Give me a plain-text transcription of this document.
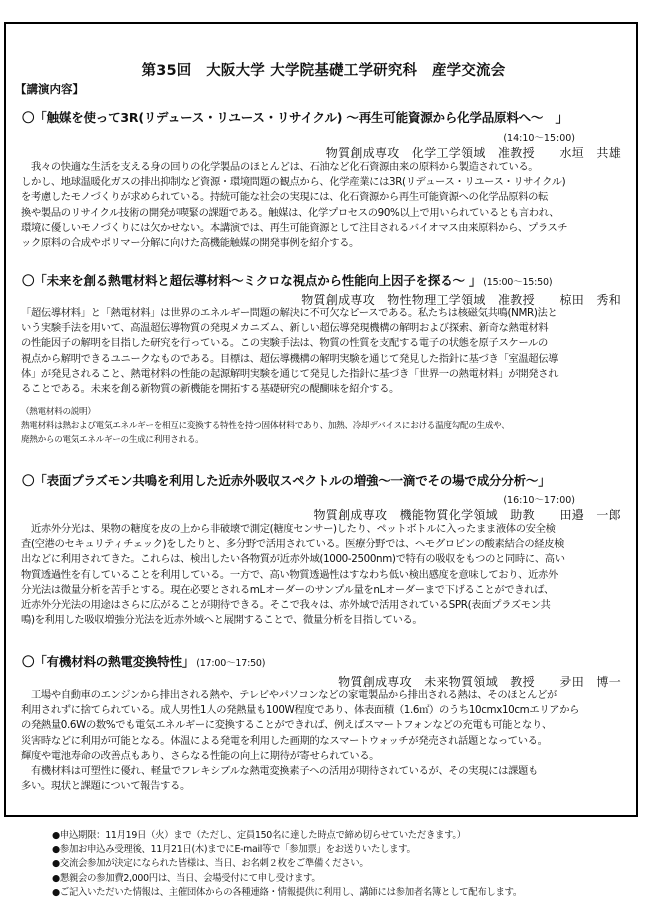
第35回　大阪大学 大学院基礎工学研究科　産学交流会
【講演内容】
〇「触媒を使って3R(リデュース・リユース・リサイクル) ～再生可能資源から化学品原料へ～　」
(14:10～15:00)
物質創成専攻　化学工学領域　准教授　　水垣　共雄

　我々の快適な生活を支える身の回りの化学製品のほとんどは、石油など化石資源由来の原料から製造されている。

しかし、地球温暖化ガスの排出抑制など資源・環境問題の観点から、化学産業には3R(リデュース・リユース・リサイクル)

を考慮したモノづくりが求められている。持続可能な社会の実現には、化石資源から再生可能資源への化学品原料の転

換や製品のリサイクル技術の開発が喫緊の課題である。触媒は、化学プロセスの90%以上で用いられているとも言われ、

環境に優しいモノづくりには欠かせない。本講演では、再生可能資源として注目されるバイオマス由来原料から、プラスチ

ック原料の合成やポリマー分解に向けた高機能触媒の開発事例を紹介する。

〇「未来を創る熱電材料と超伝導材料～ミクロな視点から性能向上因子を探る～ 」 (15:00～15:50)
物質創成専攻　物性物理工学領域　准教授　　椋田　秀和

「超伝導材料」と「熱電材料」は世界のエネルギー問題の解決に不可欠なピースである。私たちは核磁気共鳴(NMR)法と

いう実験手法を用いて、高温超伝導物質の発現メカニズム、新しい超伝導発現機構の解明および探索、新奇な熱電材料

の性能因子の解明を目指した研究を行っている。この実験手法は、物質の性質を支配する電子の状態を原子スケールの

視点から解明できるユニークなものである。目標は、超伝導機構の解明実験を通じて発見した指針に基づき「室温超伝導

体」が発見されること、熱電材料の性能の起源解明実験を通じて発見した指針に基づき「世界一の熱電材料」が開発され

ることである。未来を創る新物質の新機能を開拓する基礎研究の醍醐味を紹介する。

（熱電材料の説明）

熱電材料は熱および電気エネルギーを相互に変換する特性を持つ固体材料であり、加熱、冷却デバイスにおける温度勾配の生成や、

廃熱からの電気エネルギーの生成に利用される。

〇「表面プラズモン共鳴を利用した近赤外吸収スペクトルの増強～一滴でその場で成分分析～」
(16:10～17:00)
物質創成専攻　機能物質化学領域　助教　　田邉　一郎

　近赤外分光は、果物の糖度を皮の上から非破壊で測定(糖度センサー)したり、ペットボトルに入ったまま液体の安全検

査(空港のセキュリティチェック)をしたりと、多分野で活用されている。医療分野では、ヘモグロビンの酸素結合の経皮検

出などに利用されてきた。これらは、検出したい各物質が近赤外域(1000-2500nm)で特有の吸収をもつのと同時に、高い

物質透過性を有していることを利用している。一方で、高い物質透過性はすなわち低い検出感度を意味しており、近赤外

分光法は微量分析を苦手とする。現在必要とされるmLオーダーのサンプル量をnLオーダーまで下げることができれば、

近赤外分光法の用途はさらに広がることが期待できる。そこで我々は、赤外域で活用されているSPR(表面プラズモン共

鳴)を利用した吸収増強分光法を近赤外域へと展開することで、微量分析を目指している。

〇「有機材料の熱電変換特性」 (17:00～17:50)
物質創成専攻　未来物質領域　教授　　夛田　博一

　工場や自動車のエンジンから排出される熱や、テレビやパソコンなどの家電製品から排出される熱は、そのほとんどが

利用されずに捨てられている。成人男性1人の発熱量も100W程度であり、体表面積（1.6㎡）のうち10cmx10cmエリアから

の発熱量0.6Wの数%でも電気エネルギーに変換することができれば、例えばスマートフォンなどの充電も可能となり、

災害時などに利用が可能となる。体温による発電を利用した画期的なスマートウォッチが発売され話題となっている。

輝度や電池寿命の改善点もあり、さらなる性能の向上に期待が寄せられている。

　有機材料は可塑性に優れ、軽量でフレキシブルな熱電変換素子への活用が期待されているが、その実現には課題も

多い。現状と課題について報告する。

●申込期限：11月19日（火）まで（ただし、定員150名に達した時点で締め切らせていただきます。）

●参加お申込み受理後、11月21日(木)までにE-mail等で「参加票」をお送りいたします。

●交流会参加が決定になられた皆様は、当日、お名刺２枚をご準備ください。

●懇親会の参加費2,000円は、当日、会場受付にて申し受けます。

●ご記入いただいた情報は、主催団体からの各種連絡・情報提供に利用し、講師には参加者名簿として配布します。
